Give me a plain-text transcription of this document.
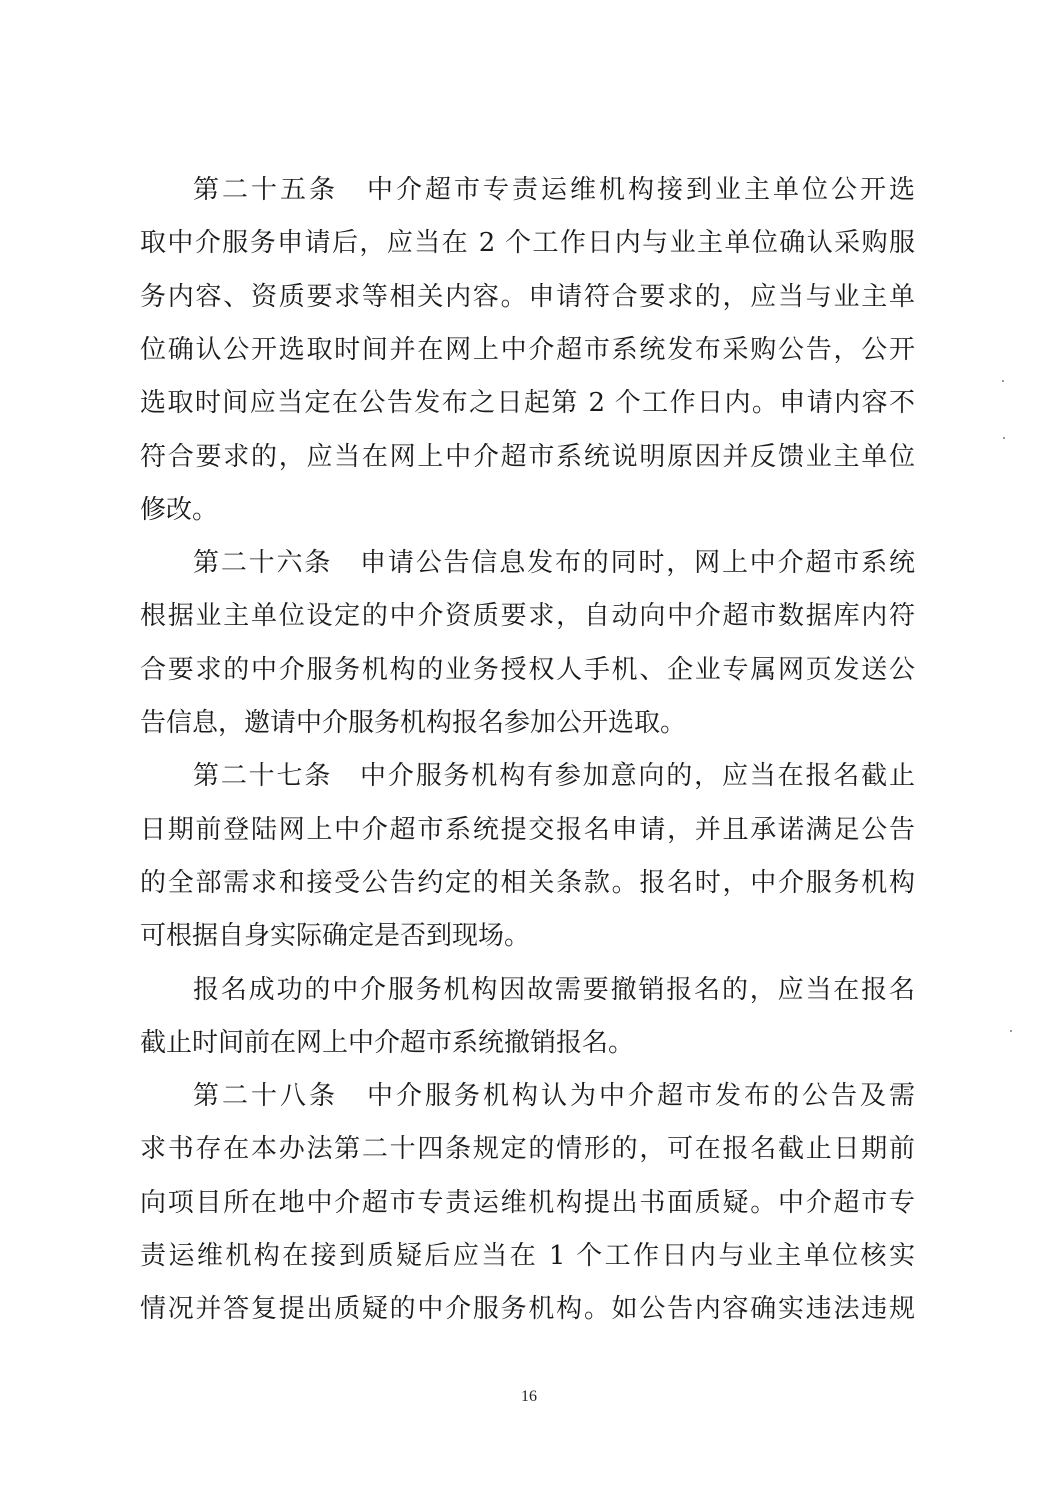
第二十五条　中介超市专责运维机构接到业主单位公开选
取中介服务申请后，应当在 2 个工作日内与业主单位确认采购服
务内容、资质要求等相关内容。申请符合要求的，应当与业主单
位确认公开选取时间并在网上中介超市系统发布采购公告，公开
选取时间应当定在公告发布之日起第 2 个工作日内。申请内容不
符合要求的，应当在网上中介超市系统说明原因并反馈业主单位
修改。
第二十六条　申请公告信息发布的同时，网上中介超市系统
根据业主单位设定的中介资质要求，自动向中介超市数据库内符
合要求的中介服务机构的业务授权人手机、企业专属网页发送公
告信息，邀请中介服务机构报名参加公开选取。
第二十七条　中介服务机构有参加意向的，应当在报名截止
日期前登陆网上中介超市系统提交报名申请，并且承诺满足公告
的全部需求和接受公告约定的相关条款。报名时，中介服务机构
可根据自身实际确定是否到现场。
报名成功的中介服务机构因故需要撤销报名的，应当在报名
截止时间前在网上中介超市系统撤销报名。
第二十八条　中介服务机构认为中介超市发布的公告及需
求书存在本办法第二十四条规定的情形的，可在报名截止日期前
向项目所在地中介超市专责运维机构提出书面质疑。中介超市专
责运维机构在接到质疑后应当在 1 个工作日内与业主单位核实
情况并答复提出质疑的中介服务机构。如公告内容确实违法违规
16
